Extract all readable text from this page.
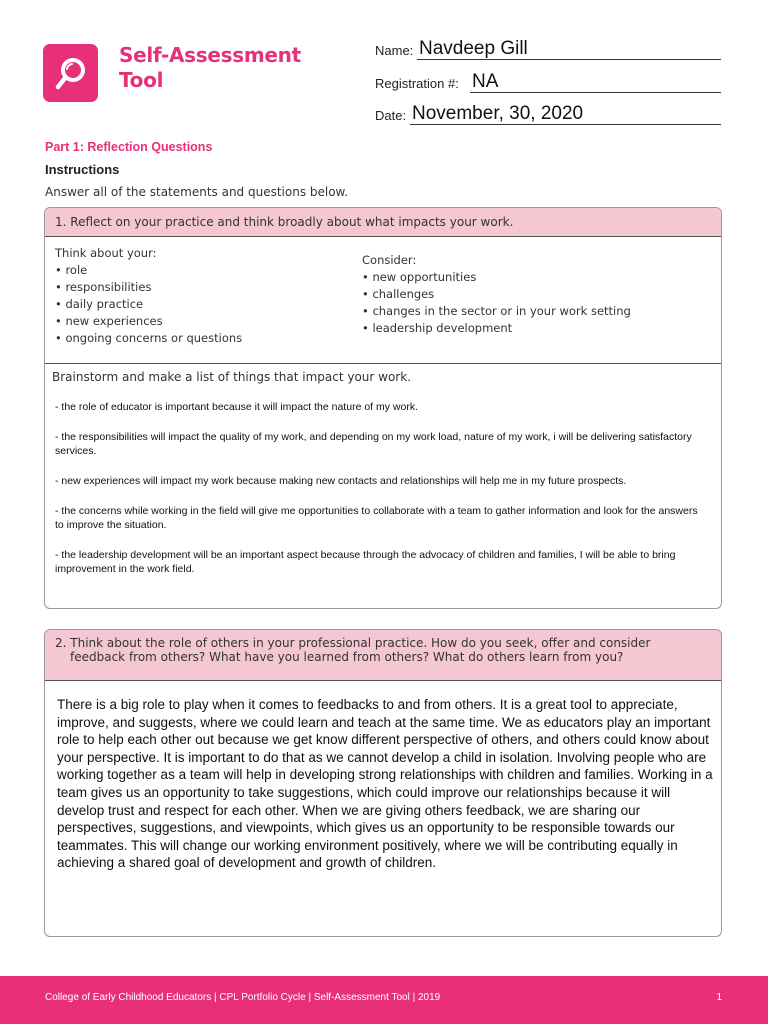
Self-Assessment
Tool
Name: Navdeep Gill
Registration #: NA
Date: November, 30, 2020
Part 1: Reflection Questions
Instructions
Answer all of the statements and questions below.
1. Reflect on your practice and think broadly about what impacts your work.
Think about your:
• role
• responsibilities
• daily practice
• new experiences
• ongoing concerns or questions
Consider:
• new opportunities
• challenges
• changes in the sector or in your work setting
• leadership development
Brainstorm and make a list of things that impact your work.

- the role of educator is important because it will impact the nature of my work.

- the responsibilities will impact the quality of my work, and depending on my work load, nature of my work, i will be delivering satisfactory services.

- new experiences will impact my work because making new contacts and relationships will help me in my future prospects.

- the concerns while working in the field will give me opportunities to collaborate with a team to gather information and look for the answers to improve the situation.

- the leadership development will be an important aspect because through the advocacy of children and families, I will be able to bring improvement in the work field.

2. Think about the role of others in your professional practice. How do you seek, offer and consider
feedback from others? What have you learned from others? What do others learn from you?
There is a big role to play when it comes to feedbacks to and from others. It is a great tool to appreciate, improve, and suggests, where we could learn and teach at the same time. We as educators play an important role to help each other out because we get know different perspective of others, and others could know about your perspective. It is important to do that as we cannot develop a child in isolation. Involving people who are working together as a team will help in developing strong relationships with children and families. Working in a team gives us an opportunity to take suggestions, which could improve our relationships because it will develop trust and respect for each other. When we are giving others feedback, we are sharing our perspectives, suggestions, and viewpoints, which gives us an opportunity to be responsible towards our teammates. This will change our working environment positively, where we will be contributing equally in achieving a shared goal of development and growth of children.
College of Early Childhood Educators | CPL Portfolio Cycle | Self-Assessment Tool | 2019	1
